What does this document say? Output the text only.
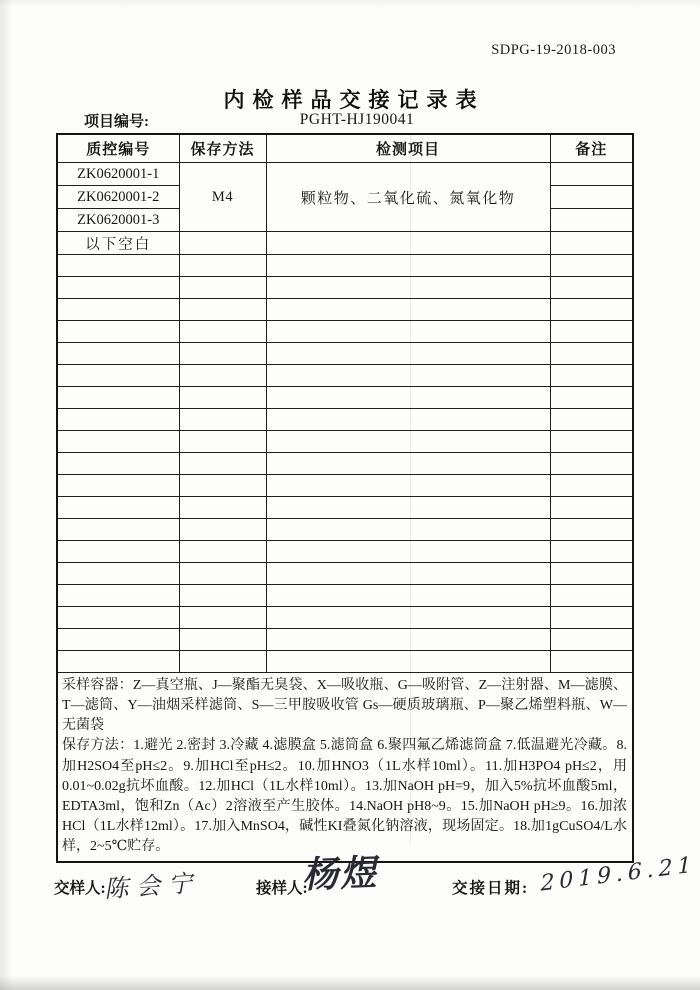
SDPG-19-2018-003
内检样品交接记录表
项目编号:	PGHT-HJ190041
质控编号	保存方法	检测项目	备注
ZK0620001-1	M4	颗粒物、二氧化硫、氮氧化物	
ZK0620001-2			
ZK0620001-3			
以下空白			

采样容器：Z—真空瓶、J—聚酯无臭袋、X—吸收瓶、G—吸附管、Z—注射器、M—滤膜、T—滤筒、Y—油烟采样滤筒、S—三甲胺吸收管 Gs—硬质玻璃瓶、P—聚乙烯塑料瓶、W—无菌袋

保存方法：1.避光 2.密封 3.冷藏 4.滤膜盒 5.滤筒盒 6.聚四氟乙烯滤筒盒 7.低温避光冷藏。8.加H2SO4至pH≤2。9.加HCl至pH≤2。10.加HNO3（1L水样10ml）。11.加H3PO4 pH≤2，用0.01~0.02g抗坏血酸。12.加HCl（1L水样10ml）。13.加NaOH pH=9，加入5%抗坏血酸5ml，EDTA3ml，饱和Zn（Ac）2溶液至产生胶体。14.NaOH pH8~9。15.加NaOH pH≥9。16.加浓HCl（1L水样12ml）。17.加入MnSO4，碱性KI叠氮化钠溶液，现场固定。18.加1gCuSO4/L水样，2~5℃贮存。			

交样人:
陈会宁	接样人:
杨煜	交接日期: 2019.6.21
